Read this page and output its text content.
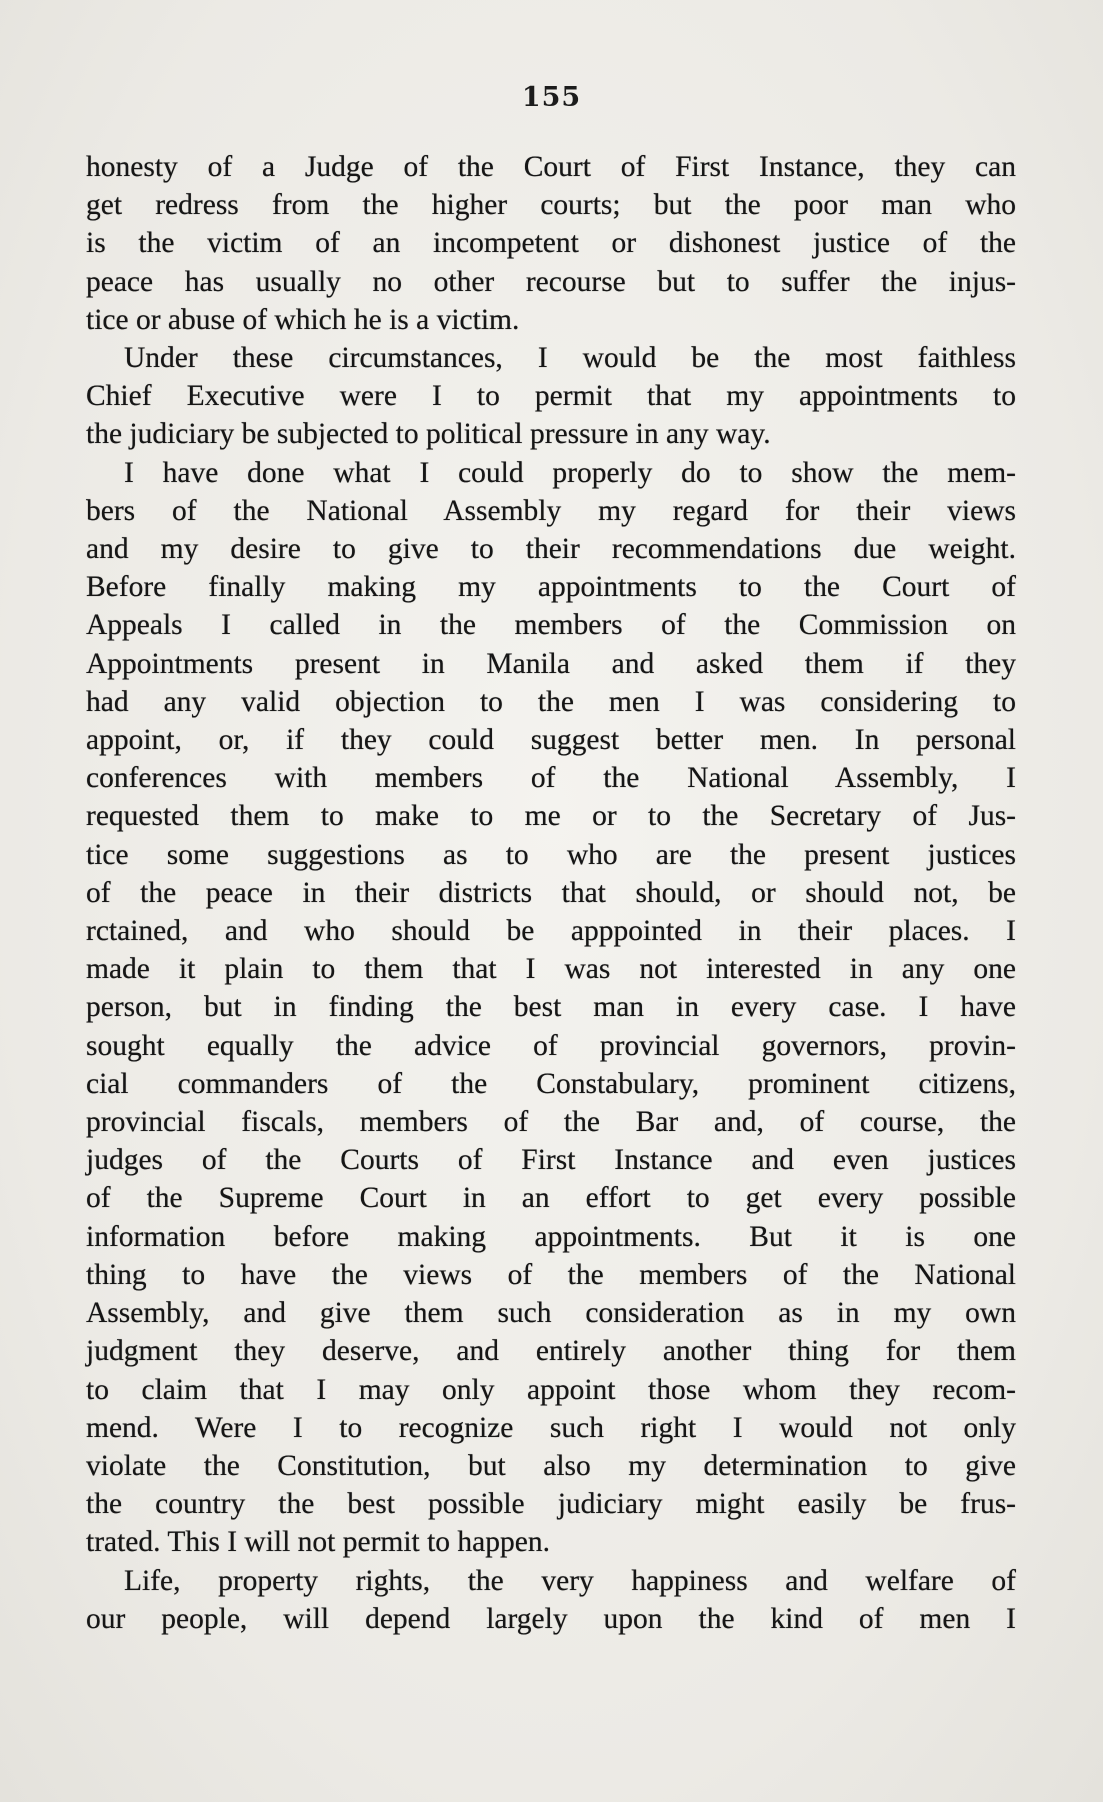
155
honesty of a Judge of the Court of First Instance, they can
get redress from the higher courts; but the poor man who
is the victim of an incompetent or dishonest justice of the
peace has usually no other recourse but to suffer the injus-
tice or abuse of which he is a victim.
Under these circumstances, I would be the most faithless
Chief Executive were I to permit that my appointments to
the judiciary be subjected to political pressure in any way.
I have done what I could properly do to show the mem-
bers of the National Assembly my regard for their views
and my desire to give to their recommendations due weight.
Before finally making my appointments to the Court of
Appeals I called in the members of the Commission on
Appointments present in Manila and asked them if they
had any valid objection to the men I was considering to
appoint, or, if they could suggest better men. In personal
conferences with members of the National Assembly, I
requested them to make to me or to the Secretary of Jus-
tice some suggestions as to who are the present justices
of the peace in their districts that should, or should not, be
rctained, and who should be apppointed in their places. I
made it plain to them that I was not interested in any one
person, but in finding the best man in every case. I have
sought equally the advice of provincial governors, provin-
cial commanders of the Constabulary, prominent citizens,
provincial fiscals, members of the Bar and, of course, the
judges of the Courts of First Instance and even justices
of the Supreme Court in an effort to get every possible
information before making appointments. But it is one
thing to have the views of the members of the National
Assembly, and give them such consideration as in my own
judgment they deserve, and entirely another thing for them
to claim that I may only appoint those whom they recom-
mend. Were I to recognize such right I would not only
violate the Constitution, but also my determination to give
the country the best possible judiciary might easily be frus-
trated. This I will not permit to happen.
Life, property rights, the very happiness and welfare of
our people, will depend largely upon the kind of men I
